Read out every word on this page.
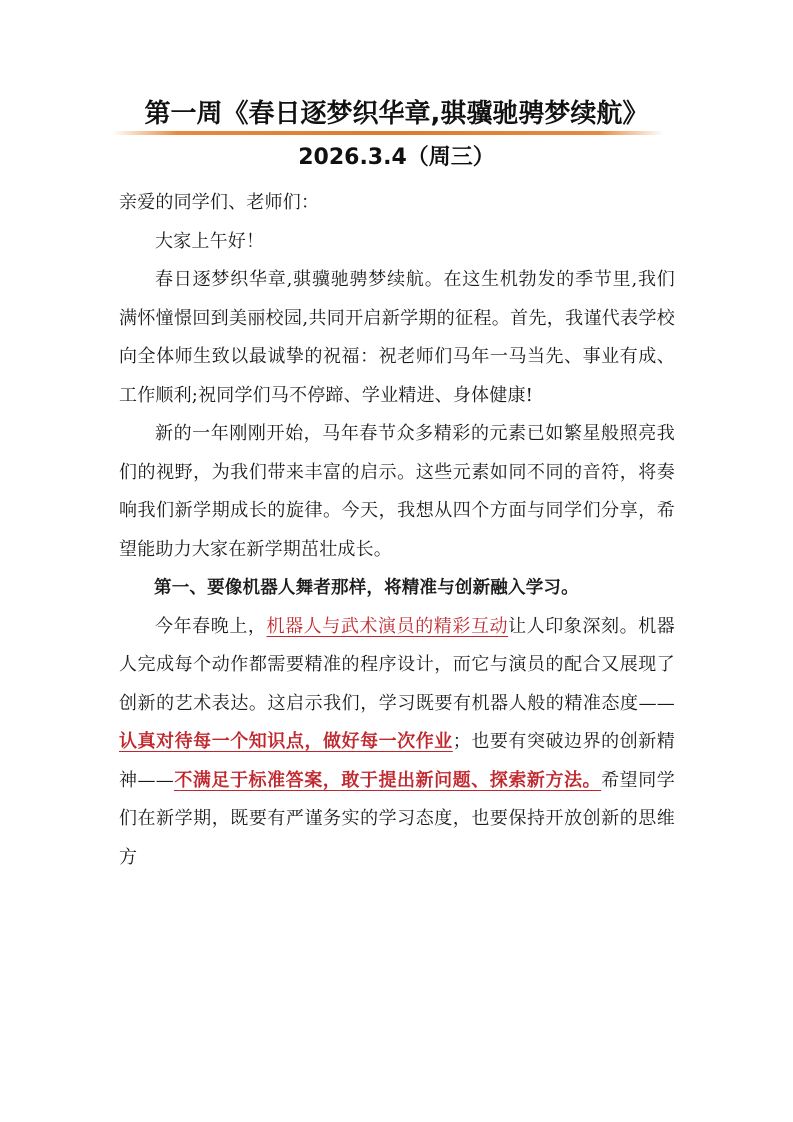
第一周《春日逐梦织华章,骐骥驰骋梦续航》
2026.3.4（周三）

亲爱的同学们、老师们：

大家上午好！

春日逐梦织华章,骐骥驰骋梦续航。在这生机勃发的季节里,我们满怀憧憬回到美丽校园,共同开启新学期的征程。首先，我谨代表学校向全体师生致以最诚挚的祝福：祝老师们马年一马当先、事业有成、工作顺利;祝同学们马不停蹄、学业精进、身体健康!

新的一年刚刚开始，马年春节众多精彩的元素已如繁星般照亮我们的视野，为我们带来丰富的启示。这些元素如同不同的音符，将奏响我们新学期成长的旋律。今天，我想从四个方面与同学们分享，希望能助力大家在新学期茁壮成长。

第一、要像机器人舞者那样，将精准与创新融入学习。

今年春晚上，机器人与武术演员的精彩互动让人印象深刻。机器人完成每个动作都需要精准的程序设计，而它与演员的配合又展现了创新的艺术表达。这启示我们，学习既要有机器人般的精准态度——认真对待每一个知识点，做好每一次作业；也要有突破边界的创新精神——不满足于标准答案，敢于提出新问题、探索新方法。希望同学们在新学期，既要有严谨务实的学习态度，也要保持开放创新的思维方
